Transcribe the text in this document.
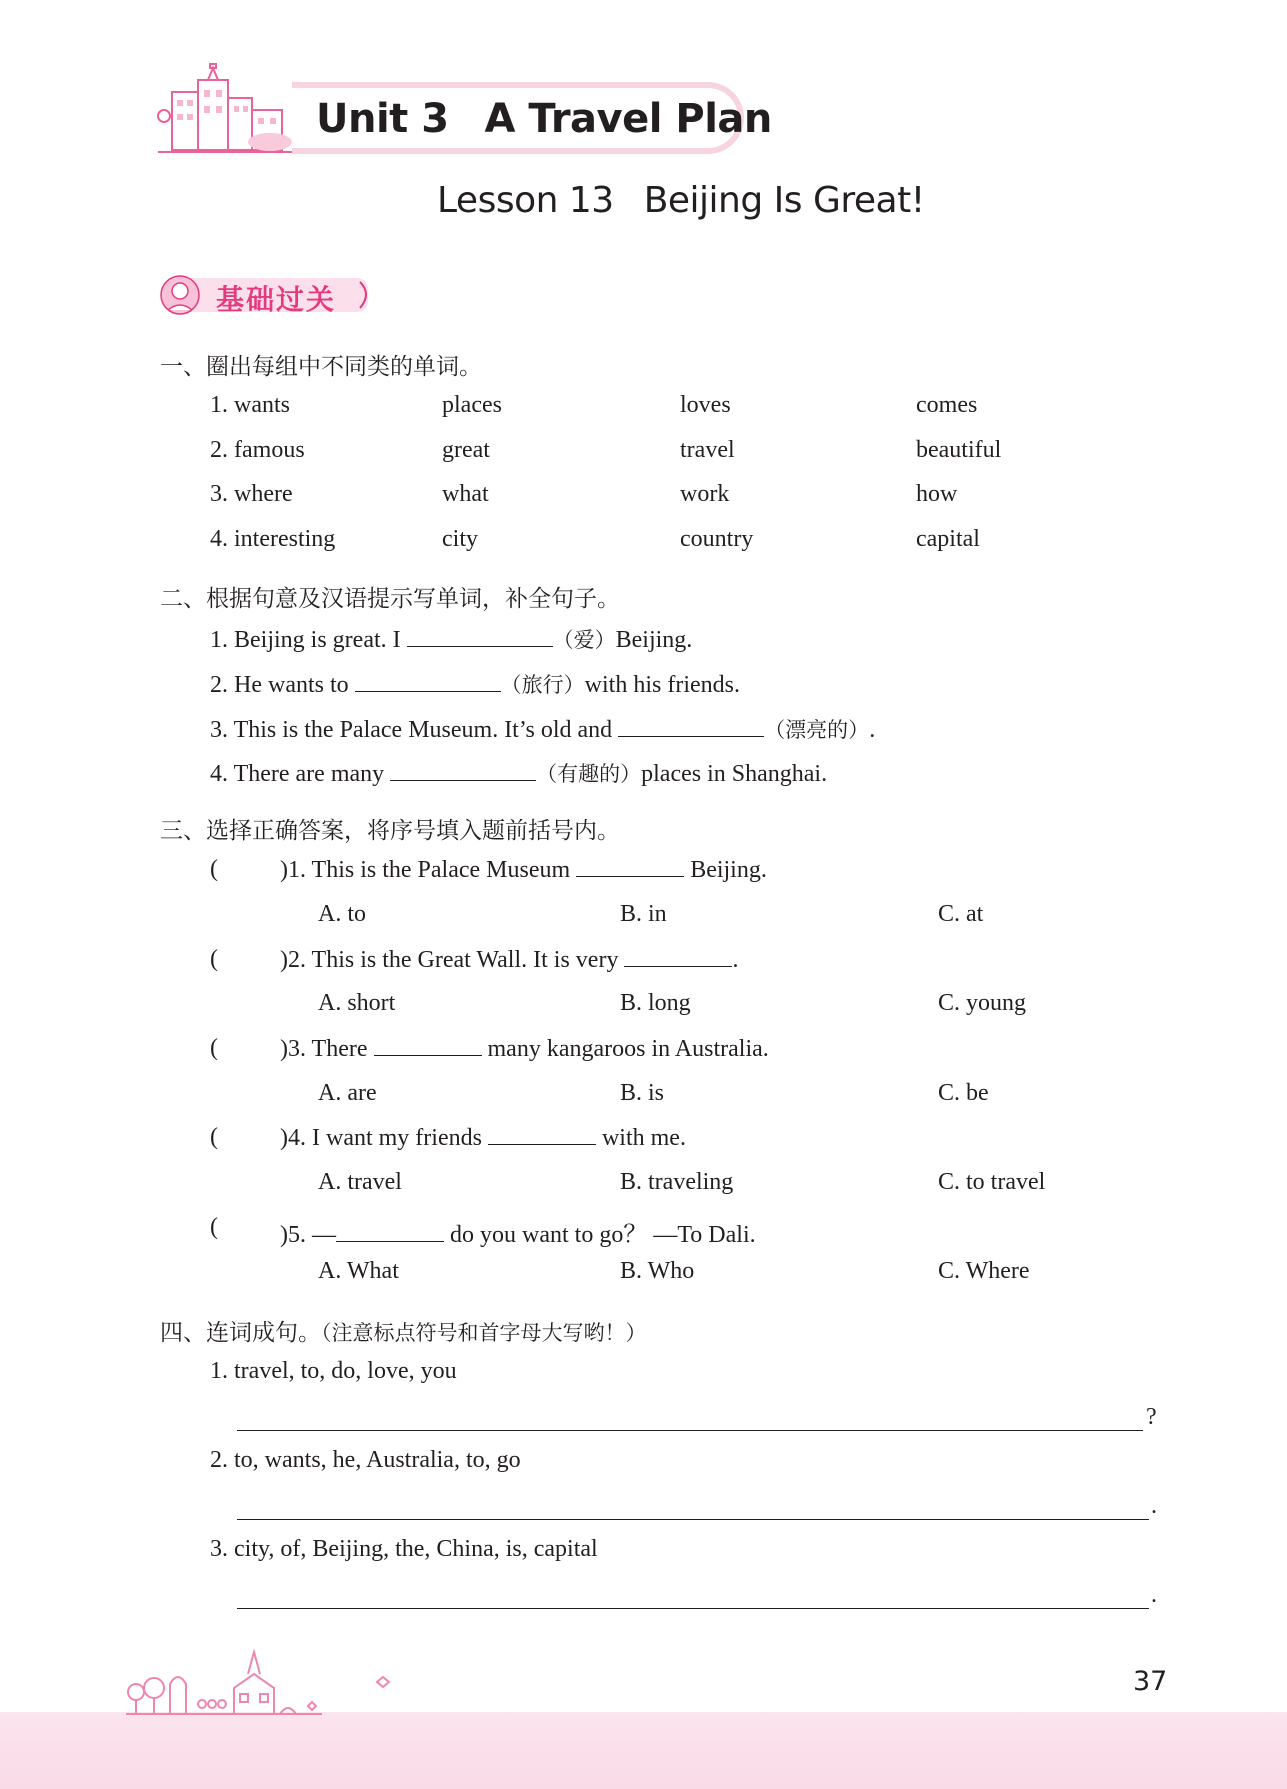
Unit 3 A Travel Plan
Lesson 13 Beijing Is Great!
基础过关
一、圈出每组中不同类的单词。
1. wants	places	loves	comes
2. famous	great	travel	beautiful
3. where	what	work	how
4. interesting	city	country	capital
二、根据句意及汉语提示写单词，补全句子。
1. Beijing is great. I	（爱）Beijing.
2. He wants to	（旅行）with his friends.
3. This is the Palace Museum. It’s old and	（漂亮的）.
4. There are many	（有趣的）places in Shanghai.
三、选择正确答案，将序号填入题前括号内。
(	)1. This is the Palace Museum	Beijing.
A. to	B. in	C. at
(	)2. This is the Great Wall. It is very	.
A. short	B. long	C. young
(	)3. There	many kangaroos in Australia.
A. are	B. is	C. be
(	)4. I want my friends	with me.
A. travel	B. traveling	C. to travel
(	)5. —	do you want to go？ —To Dali.
A. What	B. Who	C. Where
四、连词成句。（注意标点符号和首字母大写哟！）
1. travel, to, do, love, you
?
2. to, wants, he, Australia, to, go
.
3. city, of, Beijing, the, China, is, capital
.
37
